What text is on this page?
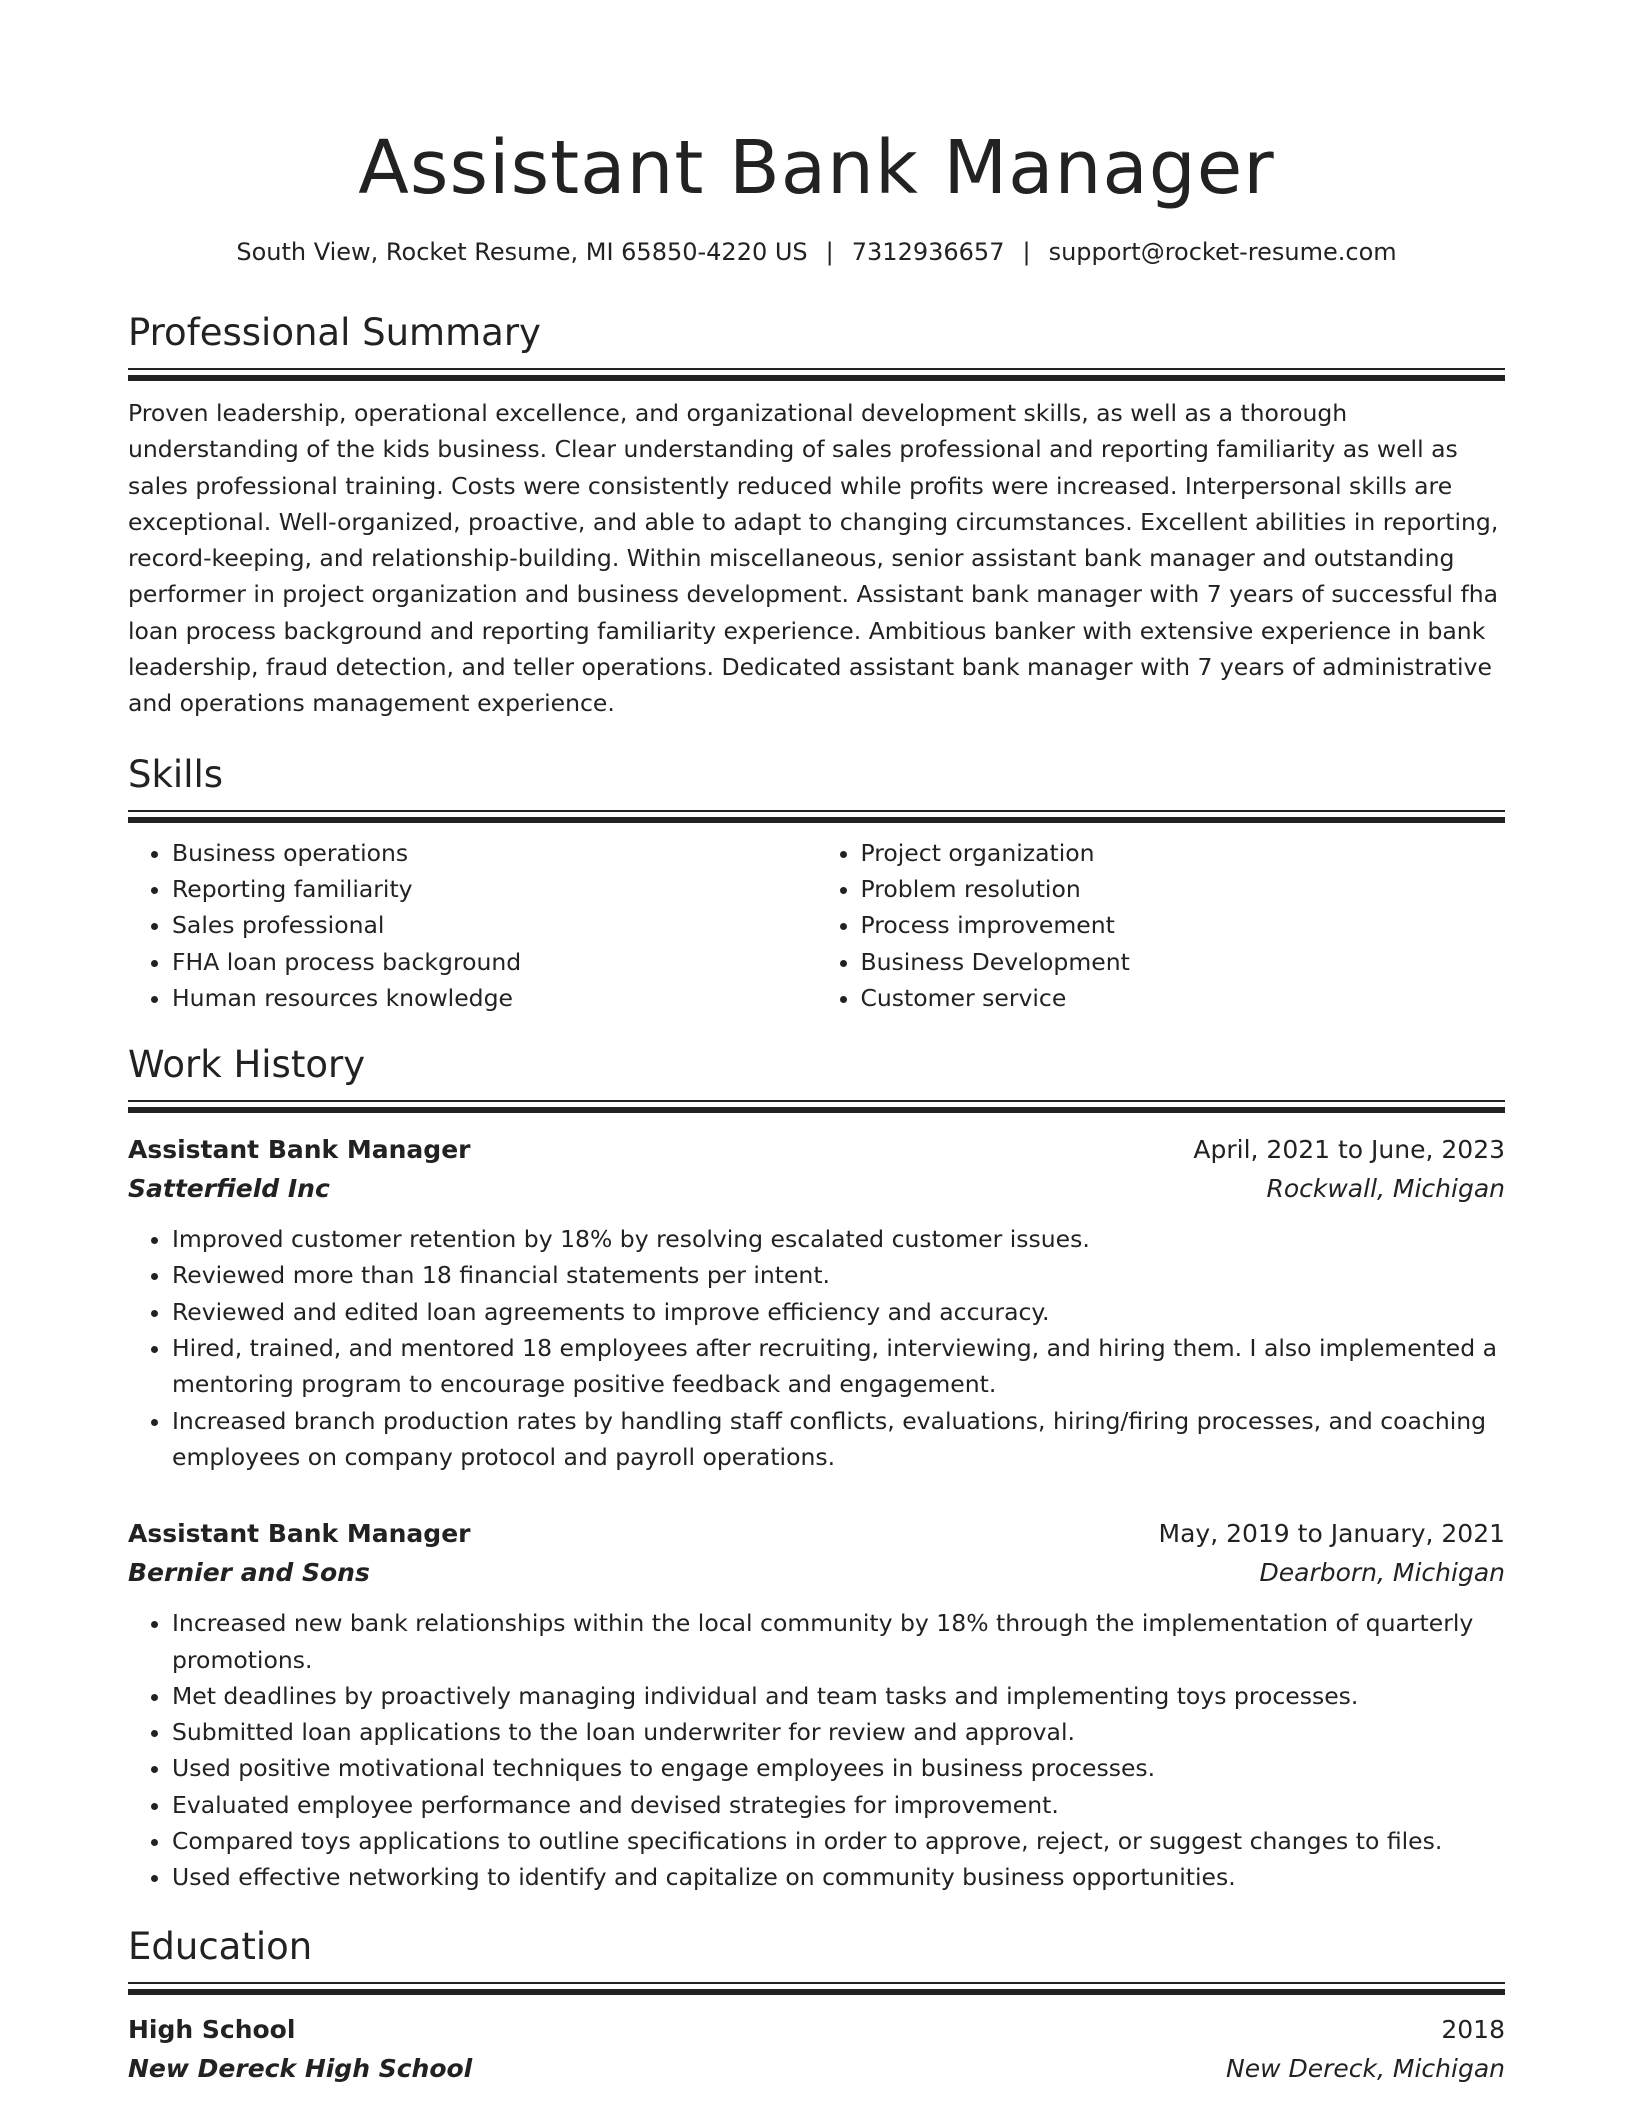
Assistant Bank Manager
South View, Rocket Resume, MI 65850-4220 US | 7312936657 | support@rocket-resume.com
Professional Summary

Proven leadership, operational excellence, and organizational development skills, as well as a thorough understanding of the kids business. Clear understanding of sales professional and reporting familiarity as well as sales professional training. Costs were consistently reduced while profits were increased. Interpersonal skills are exceptional. Well-organized, proactive, and able to adapt to changing circumstances. Excellent abilities in reporting, record-keeping, and relationship-building. Within miscellaneous, senior assistant bank manager and outstanding performer in project organization and business development. Assistant bank manager with 7 years of successful fha loan process background and reporting familiarity experience. Ambitious banker with extensive experience in bank leadership, fraud detection, and teller operations. Dedicated assistant bank manager with 7 years of administrative and operations management experience.

Skills
• Business operations
• Reporting familiarity
• Sales professional
• FHA loan process background
• Human resources knowledge
• Project organization
• Problem resolution
• Process improvement
• Business Development
• Customer service
Work History
Assistant Bank Manager	April, 2021 to June, 2023
Satterfield Inc	Rockwall, Michigan
• Improved customer retention by 18% by resolving escalated customer issues.
• Reviewed more than 18 financial statements per intent.
• Reviewed and edited loan agreements to improve efficiency and accuracy.
• Hired, trained, and mentored 18 employees after recruiting, interviewing, and hiring them. I also implemented a mentoring program to encourage positive feedback and engagement.
• Increased branch production rates by handling staff conflicts, evaluations, hiring/firing processes, and coaching employees on company protocol and payroll operations.
Assistant Bank Manager	May, 2019 to January, 2021
Bernier and Sons	Dearborn, Michigan
• Increased new bank relationships within the local community by 18% through the implementation of quarterly promotions.
• Met deadlines by proactively managing individual and team tasks and implementing toys processes.
• Submitted loan applications to the loan underwriter for review and approval.
• Used positive motivational techniques to engage employees in business processes.
• Evaluated employee performance and devised strategies for improvement.
• Compared toys applications to outline specifications in order to approve, reject, or suggest changes to files.
• Used effective networking to identify and capitalize on community business opportunities.
Education
High School	2018
New Dereck High School	New Dereck, Michigan
